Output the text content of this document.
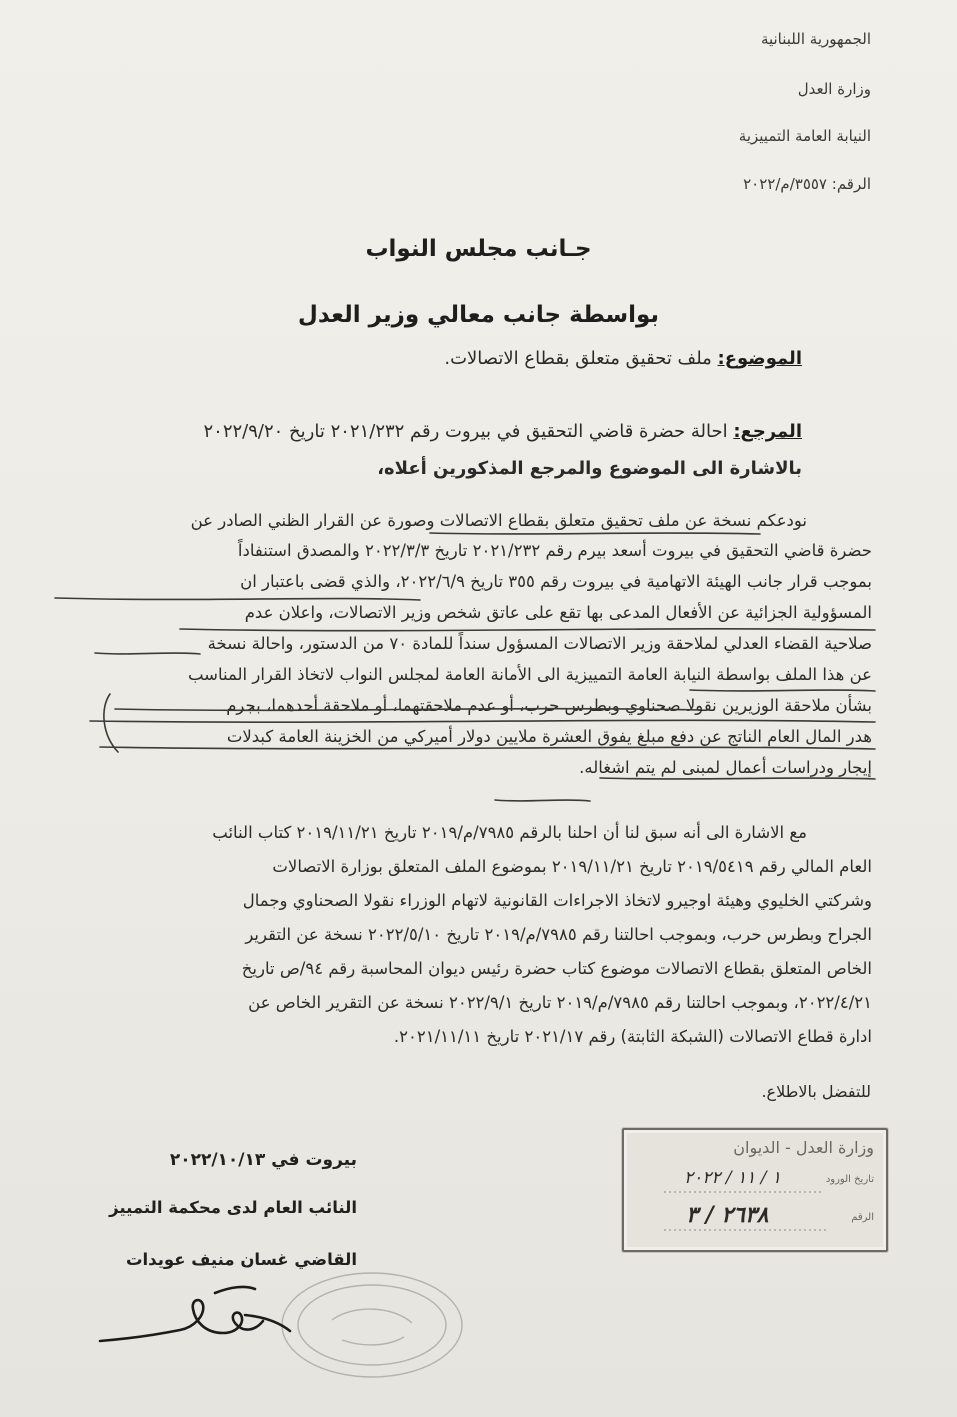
الجمهورية اللبنانية
وزارة العدل
النيابة العامة التمييزية
الرقم: ٣٥٥٧/م/٢٠٢٢
جـانب مجلس النواب
بواسطة جانب معالي وزير العدل
الموضوع: ملف تحقيق متعلق بقطاع الاتصالات.
المرجع: احالة حضرة قاضي التحقيق في بيروت رقم ٢٠٢١/٢٣٢ تاريخ ٢٠٢٢/٩/٢٠
بالاشارة الى الموضوع والمرجع المذكورين أعلاه،
نودعكم نسخة عن ملف تحقيق متعلق بقطاع الاتصالات وصورة عن القرار الظني الصادر عن
حضرة قاضي التحقيق في بيروت أسعد بيرم رقم ٢٠٢١/٢٣٢ تاريخ ٢٠٢٢/٣/٣ والمصدق استنفاداً
بموجب قرار جانب الهيئة الاتهامية في بيروت رقم ٣٥٥ تاريخ ٢٠٢٢/٦/٩، والذي قضى باعتبار ان
المسؤولية الجزائية عن الأفعال المدعى بها تقع على عاتق شخص وزير الاتصالات، واعلان عدم
صلاحية القضاء العدلي لملاحقة وزير الاتصالات المسؤول سنداً للمادة ٧٠ من الدستور، واحالة نسخة
عن هذا الملف بواسطة النيابة العامة التمييزية الى الأمانة العامة لمجلس النواب لاتخاذ القرار المناسب
بشأن ملاحقة الوزيرين نقولا صحناوي وبطرس حرب، أو عدم ملاحقتهما، أو ملاحقة أحدهما، بجرم
هدر المال العام الناتج عن دفع مبلغ يفوق العشرة ملايين دولار أميركي من الخزينة العامة كبدلات
إيجار ودراسات أعمال لمبنى لم يتم اشغاله.
مع الاشارة الى أنه سبق لنا أن احلنا بالرقم ٧٩٨٥/م/٢٠١٩ تاريخ ٢٠١٩/١١/٢١ كتاب النائب
العام المالي رقم ٢٠١٩/٥٤١٩ تاريخ ٢٠١٩/١١/٢١ بموضوع الملف المتعلق بوزارة الاتصالات
وشركتي الخليوي وهيئة اوجيرو لاتخاذ الاجراءات القانونية لاتهام الوزراء نقولا الصحناوي وجمال
الجراح وبطرس حرب، وبموجب احالتنا رقم ٧٩٨٥/م/٢٠١٩ تاريخ ٢٠٢٢/٥/١٠ نسخة عن التقرير
الخاص المتعلق بقطاع الاتصالات موضوع كتاب حضرة رئيس ديوان المحاسبة رقم ٩٤/ص تاريخ
٢٠٢٢/٤/٢١، وبموجب احالتنا رقم ٧٩٨٥/م/٢٠١٩ تاريخ ٢٠٢٢/٩/١ نسخة عن التقرير الخاص عن
ادارة قطاع الاتصالات (الشبكة الثابتة) رقم ٢٠٢١/١٧ تاريخ ٢٠٢١/١١/١١.
للتفضل بالاطلاع.
وزارة العدل - الديوان
تاريخ الورود
الرقم
١ / ١١ / ٢٠٢٢
٢٦٣٨ / ٣
بيروت في ٢٠٢٢/١٠/١٣
النائب العام لدى محكمة التمييز
القاضي غسان منيف عويدات
